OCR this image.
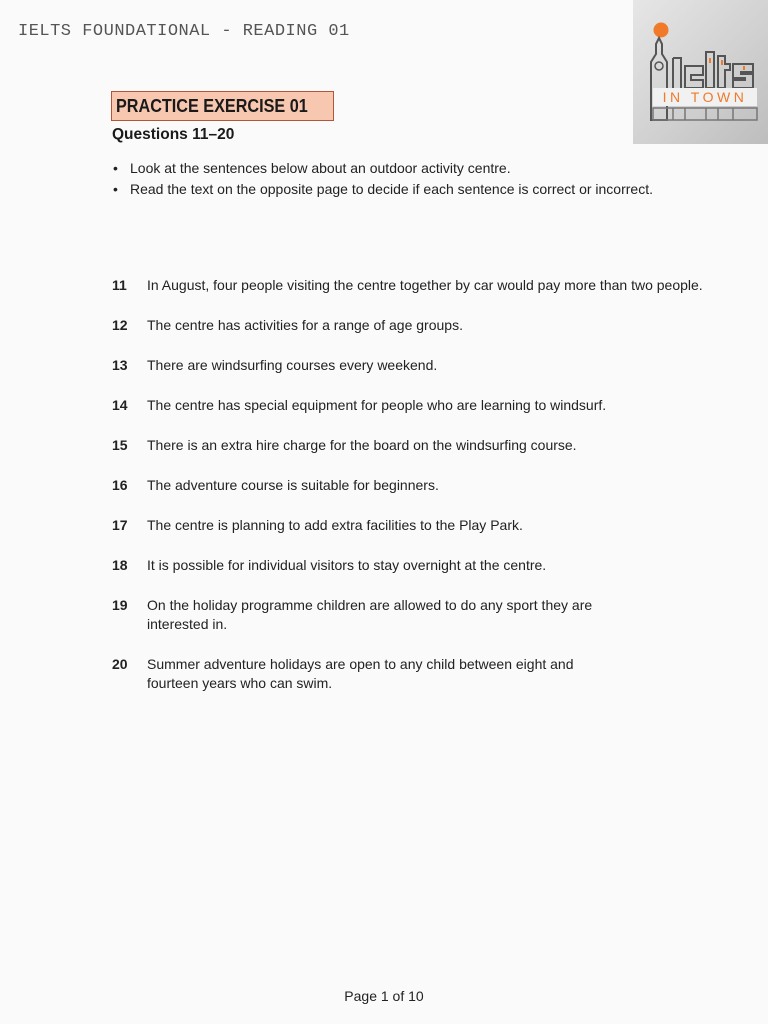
IELTS FOUNDATIONAL - READING 01
IN TOWN
PRACTICE EXERCISE 01
Questions 11–20
• Look at the sentences below about an outdoor activity centre.
• Read the text on the opposite page to decide if each sentence is correct or incorrect.
11	In August, four people visiting the centre together by car would pay more than two people.
12	The centre has activities for a range of age groups.
13	There are windsurfing courses every weekend.
14	The centre has special equipment for people who are learning to windsurf.
15	There is an extra hire charge for the board on the windsurfing course.
16	The adventure course is suitable for beginners.
17	The centre is planning to add extra facilities to the Play Park.
18	It is possible for individual visitors to stay overnight at the centre.
19	On the holiday programme children are allowed to do any sport they are interested in.
20	Summer adventure holidays are open to any child between eight and fourteen years who can swim.
Page 1 of 10
